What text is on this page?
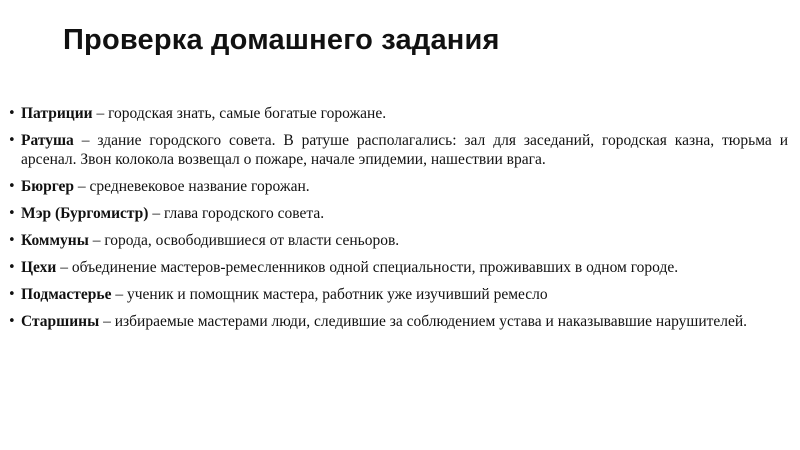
Проверка домашнего задания
• Патриции – городская знать, самые богатые горожане.
• Ратуша – здание городского совета. В ратуше располагались: зал для заседаний, городская казна, тюрьма и арсенал. Звон колокола возвещал о пожаре, начале эпидемии, нашествии врага.
• Бюргер – средневековое название горожан.
• Мэр (Бургомистр) – глава городского совета.
• Коммуны – города, освободившиеся от власти сеньоров.
• Цехи – объединение мастеров-ремесленников одной специальности, проживавших в одном городе.
• Подмастерье – ученик и помощник мастера, работник уже изучивший ремесло
• Старшины – избираемые мастерами люди, следившие за соблюдением устава и наказывавшие нарушителей.
